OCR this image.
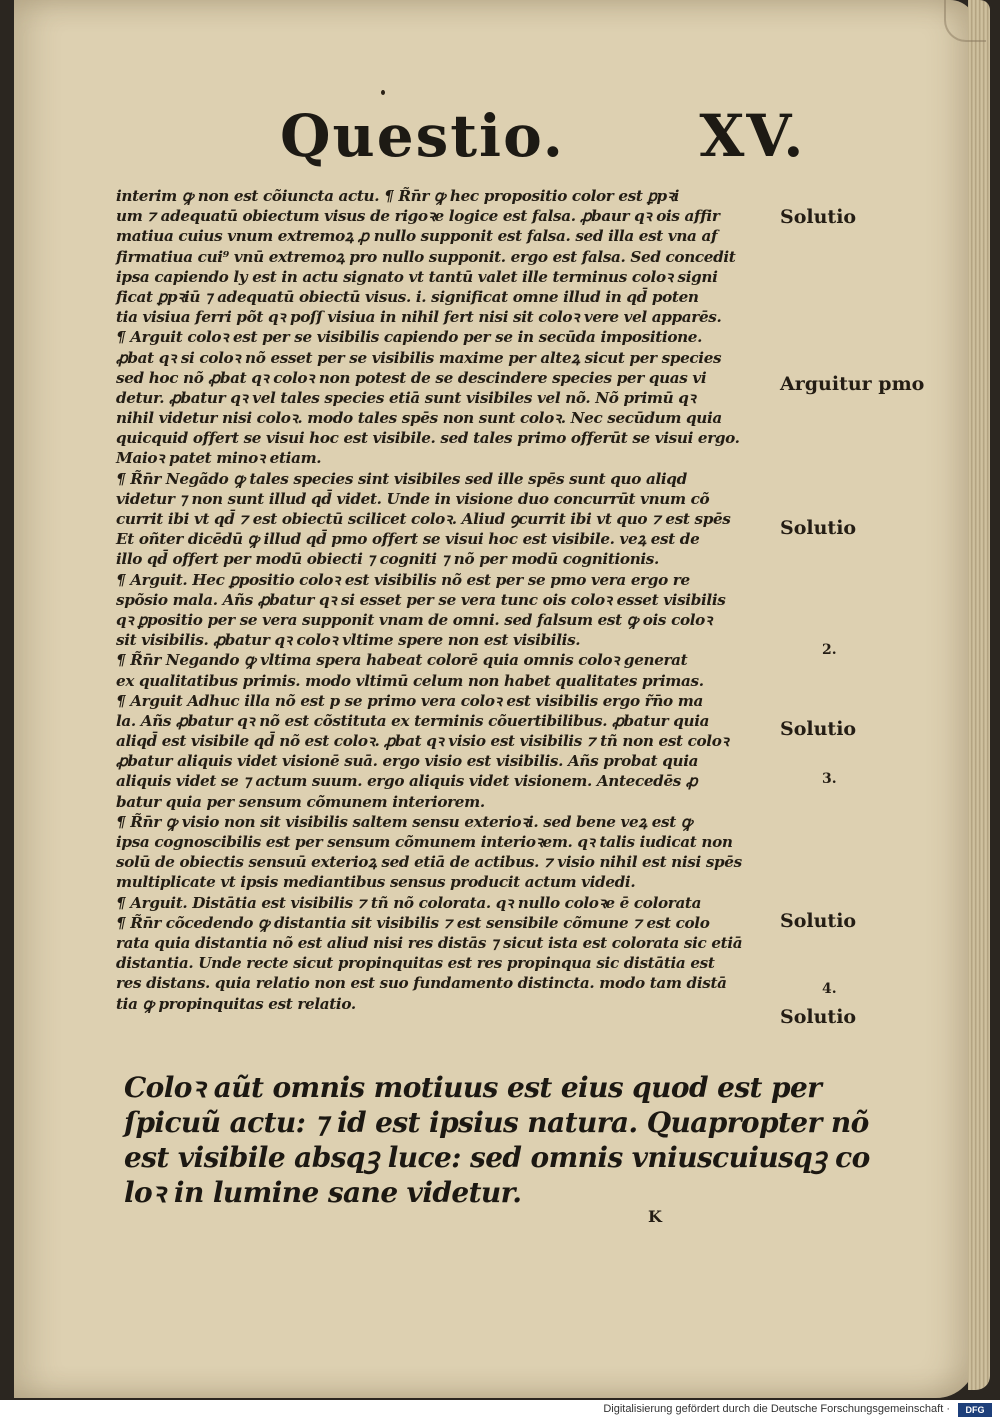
Questio. XV.
interim ꝙ non est cõiuncta actu. ¶ R̃n̄r ꝙ hec propositio color est ꝑpꝛi
um ⁊ adequatū obiectum visus de rigoꝛe logice est falsa. ꝓbaur qꝛ ois affir
matiua cuius vnum extremoꝝ ꝓ nullo supponit est falsa. sed illa est vna af
firmatiua cui⁹ vnū extremoꝝ pro nullo supponit. ergo est falsa. Sed concedit
ipsa capiendo ly est in actu signato vt tantū valet ille terminus coloꝛ signi
ficat ꝑpꝛiū ⁊ adequatū obiectū visus. i. significat omne illud in qd̄ poten
tia visiua ferri põt qꝛ poſſ visiua in nihil fert nisi sit coloꝛ vere vel apparēs.
¶ Arguit coloꝛ est per se visibilis capiendo per se in secūda impositione.
ꝓbat qꝛ si coloꝛ nõ esset per se visibilis maxime per alteꝝ sicut per species
sed hoc nõ ꝓbat qꝛ coloꝛ non potest de se descindere species per quas vi
detur. ꝓbatur qꝛ vel tales species etiā sunt visibiles vel nõ. Nõ primū qꝛ
nihil videtur nisi coloꝛ. modo tales spēs non sunt coloꝛ. Nec secūdum quia
quicquid offert se visui hoc est visibile. sed tales primo offerūt se visui ergo.
Maioꝛ patet minoꝛ etiam.
¶ R̃n̄r Negãdo ꝙ tales species sint visibiles sed ille spēs sunt quo aliqd
videtur ⁊ non sunt illud qd̄ videt. Unde in visione duo concurrūt vnum cõ
currit ibi vt qd̄ ⁊ est obiectū scilicet coloꝛ. Aliud ꝯcurrit ibi vt quo ⁊ est spēs
Et oñter dicēdū ꝙ illud qd̄ pmo offert se visui hoc est visibile. veꝝ est de
illo qd̄ offert per modū obiecti ⁊ cogniti ⁊ nõ per modū cognitionis.
¶ Arguit. Hec ꝑpositio coloꝛ est visibilis nõ est per se pmo vera ergo re
spõsio mala. Añs ꝓbatur qꝛ si esset per se vera tunc ois coloꝛ esset visibilis
qꝛ ꝑpositio per se vera supponit vnam de omni. sed falsum est ꝙ ois coloꝛ
sit visibilis. ꝓbatur qꝛ coloꝛ vltime spere non est visibilis.
¶ R̃n̄r Negando ꝙ vltima spera habeat colorē quia omnis coloꝛ generat
ex qualitatibus primis. modo vltimū celum non habet qualitates primas.
¶ Arguit Adhuc illa nõ est p se primo vera coloꝛ est visibilis ergo r̃n̄o ma
la. Añs ꝓbatur qꝛ nõ est cõstituta ex terminis cõuertibilibus. ꝓbatur quia
aliqd̄ est visibile qd̄ nõ est coloꝛ. ꝓbat qꝛ visio est visibilis ⁊ tñ non est coloꝛ
ꝓbatur aliquis videt visionē suā. ergo visio est visibilis. Añs probat quia
aliquis videt se ⁊ actum suum. ergo aliquis videt visionem. Antecedēs ꝓ
batur quia per sensum cõmunem interiorem.
¶ R̃n̄r ꝙ visio non sit visibilis saltem sensu exterioꝛi. sed bene veꝝ est ꝙ
ipsa cognoscibilis est per sensum cõmunem interioꝛem. qꝛ talis iudicat non
solū de obiectis sensuū exterioꝝ sed etiā de actibus. ⁊ visio nihil est nisi spēs
multiplicate vt ipsis mediantibus sensus producit actum videdi.
¶ Arguit. Distātia est visibilis ⁊ tñ nõ colorata. qꝛ nullo coloꝛe ē colorata
¶ R̃n̄r cõcedendo ꝙ distantia sit visibilis ⁊ est sensibile cõmune ⁊ est colo
rata quia distantia nõ est aliud nisi res distās ⁊ sicut ista est colorata sic etiā
distantia. Unde recte sicut propinquitas est res propinqua sic distātia est
res distans. quia relatio non est suo fundamento distincta. modo tam distā
tia ꝙ propinquitas est relatio.
Coloꝛ aũt omnis motiuus est eius quod est per
ſpicuũ actu: ⁊ id est ipsius natura. Quapropter nõ
est visibile absqꝫ luce: sed omnis vniuscuiusqꝫ co
loꝛ in lumine sane videtur.
Solutio
Arguitur pmo
Solutio
2.
Solutio
3.
Solutio
4.
Solutio
K
Digitalisierung gefördert durch die Deutsche Forschungsgemeinschaft ·	DFG
